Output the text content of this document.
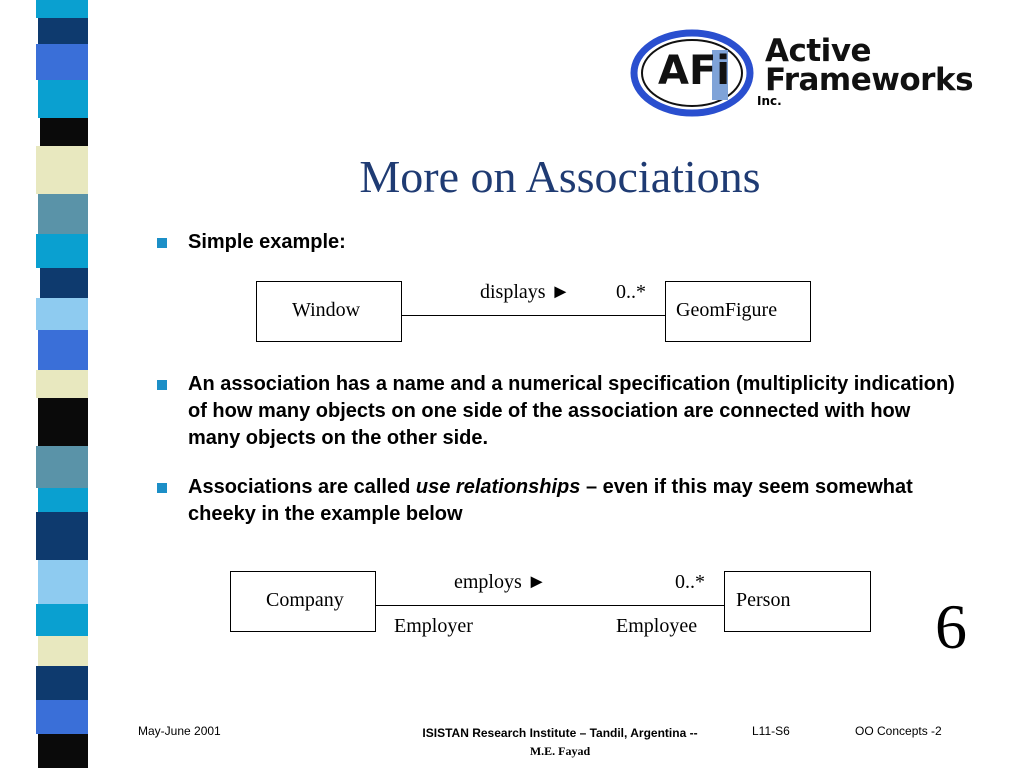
AFi Active
Frameworks
Inc.
More on Associations
Simple example:
Window	GeomFigure
displays ► 0..*
An association has a name and a numerical specification (multiplicity indication) of how many objects on one side of the association are connected with how many objects on the other side.
Associations are called use relationships – even if this may seem somewhat cheeky in the example below
Company	Person
employs ►	0..*
Employer	Employee	6
May-June 2001	ISISTAN Research Institute – Tandil, Argentina -- M.E. Fayad
L11-S6	OO Concepts -2
